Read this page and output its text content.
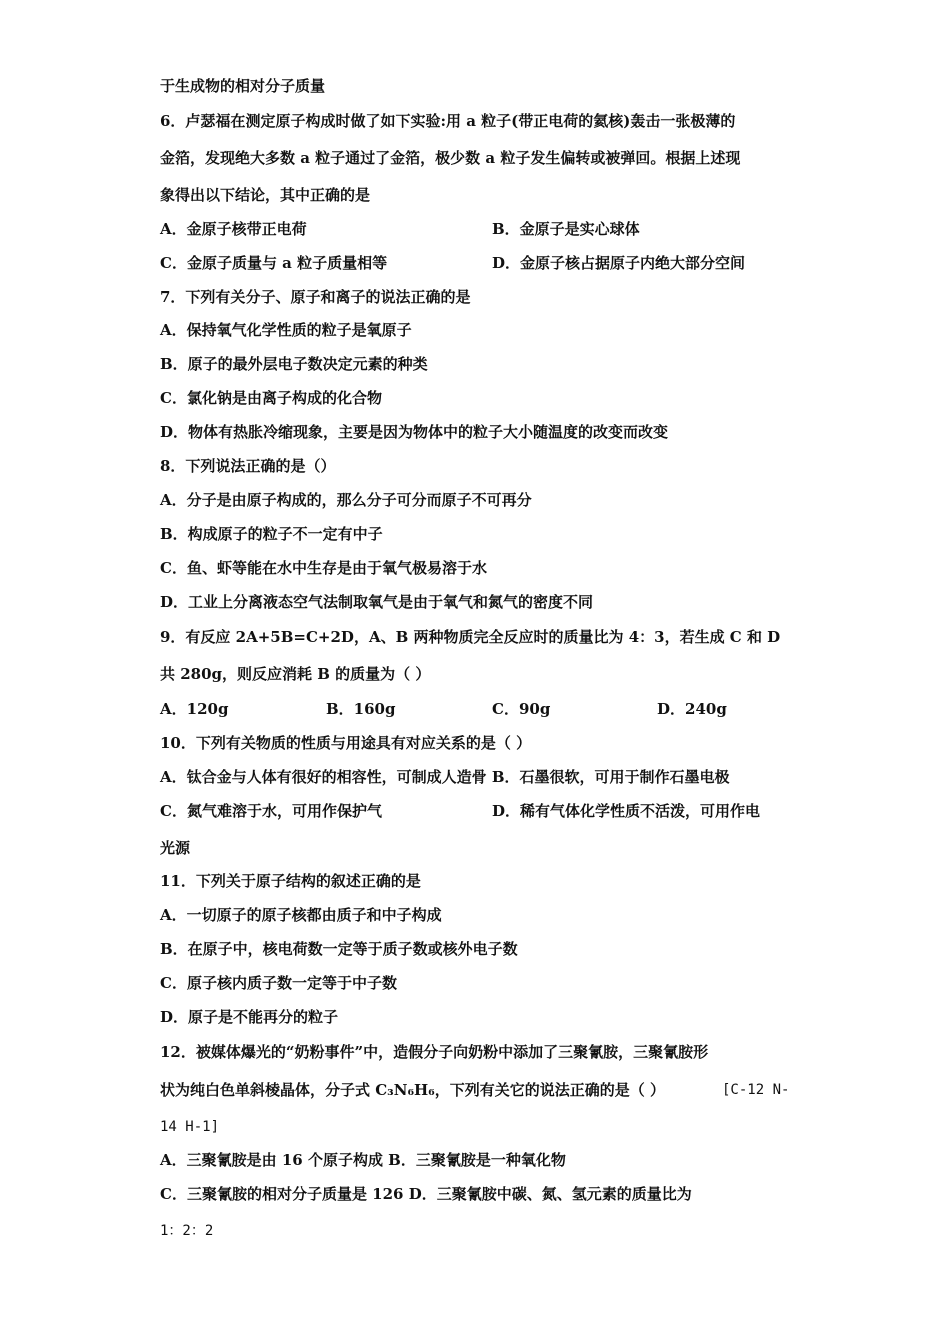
于生成物的相对分子质量
6．卢瑟福在测定原子构成时做了如下实验:用 a 粒子(带正电荷的氦核)轰击一张极薄的
金箔，发现绝大多数 a 粒子通过了金箔，极少数 a 粒子发生偏转或被弹回。根据上述现
象得出以下结论，其中正确的是
A．金原子核带正电荷	B．金原子是实心球体
C．金原子质量与 a 粒子质量相等	D．金原子核占据原子内绝大部分空间
7．下列有关分子、原子和离子的说法正确的是
A．保持氧气化学性质的粒子是氧原子
B．原子的最外层电子数决定元素的种类
C．氯化钠是由离子构成的化合物
D．物体有热胀冷缩现象，主要是因为物体中的粒子大小随温度的改变而改变
8．下列说法正确的是（）
A．分子是由原子构成的，那么分子可分而原子不可再分
B．构成原子的粒子不一定有中子
C．鱼、虾等能在水中生存是由于氧气极易溶于水
D．工业上分离液态空气法制取氧气是由于氧气和氮气的密度不同
9．有反应 2A+5B=C+2D，A、B 两种物质完全反应时的质量比为 4：3，若生成 C 和 D
共 280g，则反应消耗 B 的质量为（ ）
A．120g	B．160g	C．90g	D．240g
10．下列有关物质的性质与用途具有对应关系的是（ ）
A．钛合金与人体有很好的相容性，可制成人造骨 B．石墨很软，可用于制作石墨电极
C．氮气难溶于水，可用作保护气	D．稀有气体化学性质不活泼，可用作电
光源
11．下列关于原子结构的叙述正确的是
A．一切原子的原子核都由质子和中子构成
B．在原子中，核电荷数一定等于质子数或核外电子数
C．原子核内质子数一定等于中子数
D．原子是不能再分的粒子
12．被媒体爆光的“奶粉事件”中，造假分子向奶粉中添加了三聚氰胺，三聚氰胺形
状为纯白色单斜棱晶体，分子式 C₃N₆H₆，下列有关它的说法正确的是（ ）	[C-12 N-
14 H-1]
A．三聚氰胺是由 16 个原子构成 B．三聚氰胺是一种氧化物
C．三聚氰胺的相对分子质量是 126 D．三聚氰胺中碳、氮、氢元素的质量比为
1：2：2
